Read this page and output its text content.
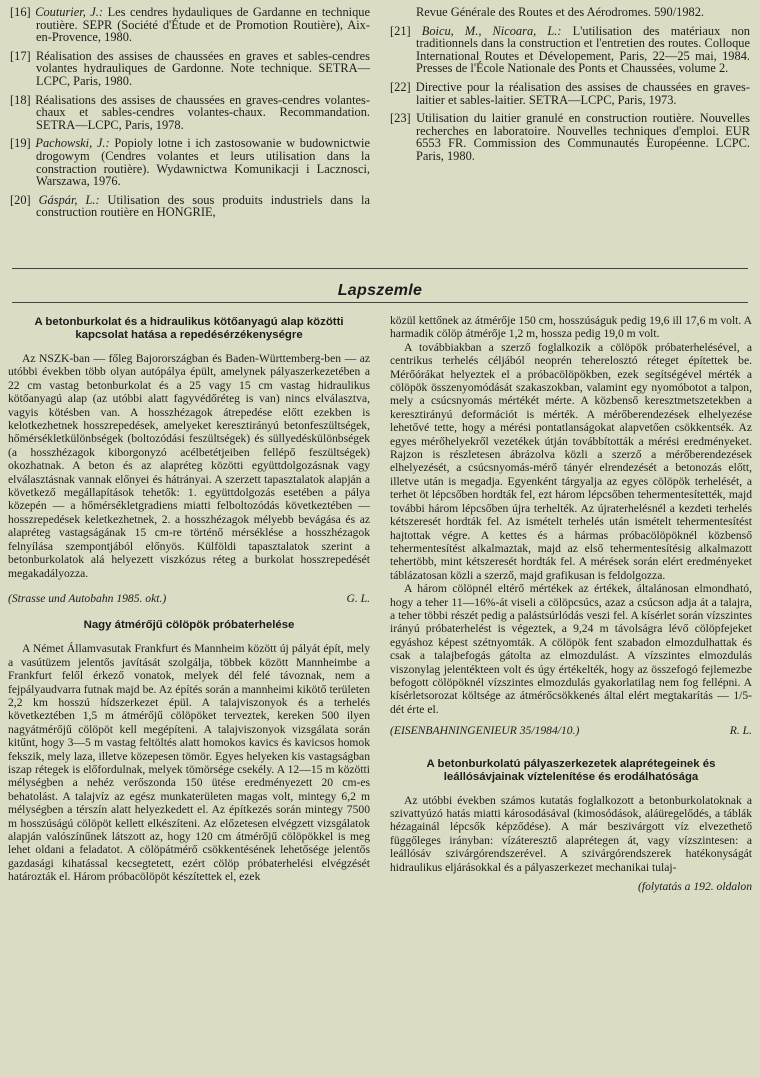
[16] Couturier, J.: Les cendres hydauliques de Gardanne en technique routière. SEPR (Société d'Étude et de Promotion Routière), Aix-en-Provence, 1980.

[17] Réalisation des assises de chaussées en graves et sables-cendres volantes hydrauliques de Gardonne. Note technique. SETRA—LCPC, Paris, 1980.

[18] Réalisations des assises de chaussées en graves-cendres volantes-chaux et sables-cendres volantes-chaux. Recommandation. SETRA—LCPC, Paris, 1978.

[19] Pachowski, J.: Popioly lotne i ich zastosowanie w budownictwie drogowym (Cendres volantes et leurs utilisation dans la constraction routière). Wydawnictwa Komunikacji i Lacznosci, Warszawa, 1976.

[20] Gáspár, L.: Utilisation des sous produits industriels dans la construction routière en HONGRIE,

Revue Générale des Routes et des Aérodromes. 590/1982.

[21] Boicu, M., Nicoara, L.: L'utilisation des matériaux non traditionnels dans la construction et l'entretien des routes. Colloque International Routes et Dévelopement, Paris, 22—25 mai, 1984. Presses de l'École Nationale des Ponts et Chaussées, volume 2.

[22] Directive pour la réalisation des assises de chaussées en graves-laitier et sables-laitier. SETRA—LCPC, Paris, 1973.

[23] Utilisation du laitier granulé en construction routière. Nouvelles recherches en laboratoire. Nouvelles techniques d'emploi. EUR 6553 FR. Commission des Communautés Européenne. LCPC. Paris, 1980.

Lapszemle
A betonburkolat és a hidraulikus kötőanyagú alap közötti kapcsolat hatása a repedésérzékenységre

Az NSZK-ban — főleg Bajorországban és Baden-Württemberg-ben — az utóbbi években több olyan autópálya épült, amelynek pályaszerkezetében a 22 cm vastag betonburkolat és a 25 vagy 15 cm vastag hidraulikus kötőanyagú alap (az utóbbi alatt fagyvédőréteg is van) nincs elválasztva, vagyis kötésben van. A hosszhézagok átrepedése előtt ezekben is kelotkezhetnek hosszrepedések, amelyeket keresztirányú betonfeszültségek, hőmérsékletkülönbségek (boltozódási feszültségek) és süllyedéskülönbségek (a hosszhézagok kiborgonyzó acélbetétjeiben fellépő feszültségek) okozhatnak. A beton és az alapréteg közötti együttdolgozásnak vagy elválasztásnak vannak előnyei és hátrányai. A szerzett tapasztalatok alapján a következő megállapítások tehetők: 1. együttdolgozás esetében a pálya közepén — a hőmérsékletgradiens miatti felboltozódás következtében — hosszrepedések keletkezhetnek, 2. a hosszhézagok mélyebb bevágása és az alapréteg vastagságának 15 cm-re történő mérséklése a hosszhézagok felnyílása szempontjából előnyös. Külföldi tapasztalatok szerint a betonburkolatok alá helyezett viszkózus réteg a burkolat hosszrepedését megakadályozza.

(Strasse und Autobahn 1985. okt.)	G. L.
Nagy átmérőjű cölöpök próbaterhelése

A Német Államvasutak Frankfurt és Mannheim között új pályát épít, mely a vasútüzem jelentős javítását szolgálja, többek között Mannheimbe a Frankfurt felől érkező vonatok, melyek dél felé távoznak, nem a fejpályaudvarra futnak majd be. Az építés során a mannheimi kikötő területen 2,2 km hosszú hídszerkezet épül. A talajviszonyok és a terhelés következtében 1,5 m átmérőjű cölöpöket terveztek, kereken 500 ilyen nagyátmérőjű cölöpöt kell megépíteni. A talajviszonyok vizsgálata során kitűnt, hogy 3—5 m vastag feltöltés alatt homokos kavics és kavicsos homok fekszik, mely laza, illetve közepesen tömör. Egyes helyeken kis vastagságban iszap rétegek is előfordulnak, melyek tömörsége csekély. A 12—15 m közötti mélységben a nehéz verőszonda 150 ütése eredményezett 20 cm-es behatolást. A talajvíz az egész munkaterületen magas volt, mintegy 6,2 m mélységben a térszín alatt helyezkedett el. Az építkezés során mintegy 7500 m hosszúságú cölöpöt kellett elkészíteni. Az előzetesen elvégzett vizsgálatok alapján valószínűnek látszott az, hogy 120 cm átmérőjű cölöpökkel is meg lehet oldani a feladatot. A cölöpátmérő csökkentésének lehetősége jelentős gazdasági kihatással kecsegtetett, ezért cölöp próbaterhelési elvégzését határozták el. Három próbacölöpöt készítettek el, ezek

közül kettőnek az átmérője 150 cm, hosszúságuk pedig 19,6 ill 17,6 m volt. A harmadik cölöp átmérője 1,2 m, hossza pedig 19,0 m volt.

A továbbiakban a szerző foglalkozik a cölöpök próbaterhelésével, a centrikus terhelés céljából neoprén teherelosztó réteget építettek be. Mérőórákat helyeztek el a próbacölöpökben, ezek segítségével mérték a cölöpök összenyomódását szakaszokban, valamint egy nyomóbotot a talpon, mely a csúcsnyomás mértékét mérte. A közbenső keresztmetszetekben a keresztirányú deformációt is mérték. A mérőberendezések elhelyezése lehetővé tette, hogy a mérési pontatlanságokat alapvetően csökkentsék. Az egyes mérőhelyekről vezetékek útján továbbították a mérési eredményeket. Rajzon is részletesen ábrázolva közli a szerző a mérőberendezések elhelyezését, a csúcsnyomás-mérő tányér elrendezését a betonozás előtt, illetve után is megadja. Egyenként tárgyalja az egyes cölöpök terhelését, a terhet öt lépcsőben hordták fel, ezt három lépcsőben tehermentesítették, majd további három lépcsőben újra terhelték. Az újraterhelésnél a kezdeti terhelés kétszeresét hordták fel. Az ismételt terhelés után ismételt tehermentesítést hajtottak végre. A kettes és a hármas próbacölöpöknél közbenső tehermentesítést alkalmaztak, majd az első tehermentesítésig alkalmazott tehertöbb, mint kétszeresét hordták fel. A mérések során elért eredményeket táblázatosan közli a szerző, majd grafikusan is feldolgozza.

A három cölöpnél eltérő mértékek az értékek, általánosan elmondható, hogy a teher 11—16%-át viseli a cölöpcsúcs, azaz a csúcson adja át a talajra, a teher többi részét pedig a palástsúrlódás veszi fel. A kísérlet során vízszintes irányú próbaterhelést is végeztek, a 9,24 m távolságra lévő cölöpfejeket egyáshoz képest szétnyomták. A cölöpök fent szabadon elmozdulhattak és csak a talajbefogás gátolta az elmozdulást. A vízszintes elmozdulás viszonylag jelentékteen volt és úgy értékelték, hogy az összefogó fejlemezbe befogott cölöpöknél vízszintes elmozdulás gyakorlatilag nem fog fellépni. A kísérletsorozat költsége az átmérőcsökkenés által elért megtakarítás — 1/5-dét érte el.

(EISENBAHNINGENIEUR 35/1984/10.)	R. L.
A betonburkolatú pályaszerkezetek alaprétegeinek és leállósávjainak víztelenítése és erodálhatósága

Az utóbbi években számos kutatás foglalkozott a betonburkolatoknak a szivattyúzó hatás miatti károsodásával (kimosódások, aláüregelődés, a táblák hézagainál lépcsők képződése). A már beszivárgott víz elvezethető függőleges irányban: vízáteresztő alaprétegen át, vagy vízszintesen: a leállósáv szivárgórendszerével. A szivárgórendszerek hatékonyságát hidraulikus eljárásokkal és a pályaszerkezet mechanikai tulaj-

(folytatás a 192. oldalon
